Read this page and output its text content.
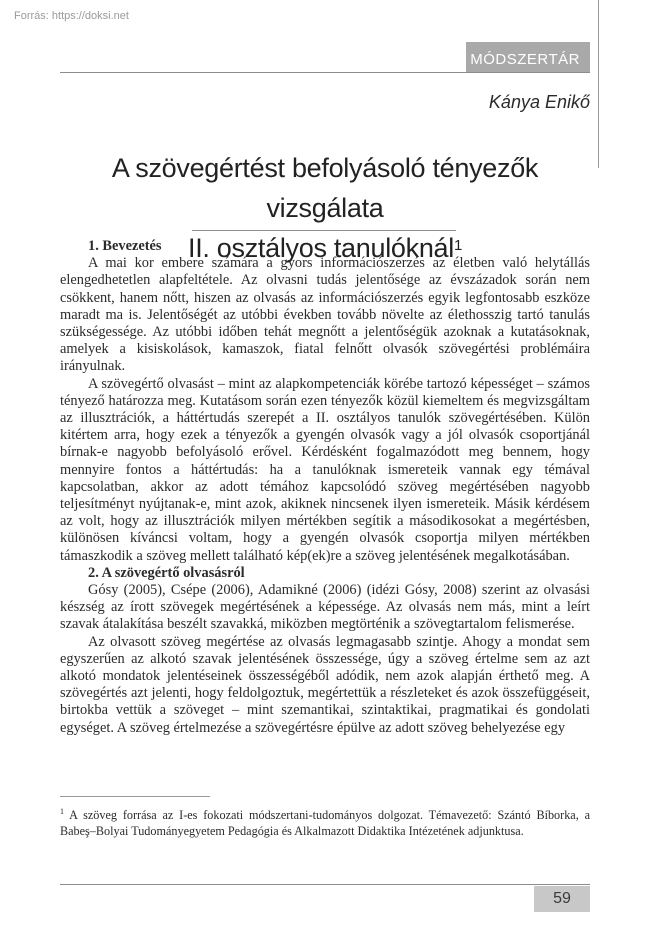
Forrás: https://doksi.net
MÓDSZERTÁR
Kánya Enikő
A szövegértést befolyásoló tényezők vizsgálata
II. osztályos tanulóknál$^1$
1. Bevezetés

A mai kor embere számára a gyors információszerzés az életben való helytállás elengedhetetlen alapfeltétele. Az olvasni tudás jelentősége az évszázadok során nem csökkent, hanem nőtt, hiszen az olvasás az információszerzés egyik legfontosabb eszköze maradt ma is. Jelentőségét az utóbbi években tovább növelte az élethosszig tartó tanulás szükségessége. Az utóbbi időben tehát megnőtt a jelentőségük azoknak a kutatásoknak, amelyek a kisiskolások, kamaszok, fiatal felnőtt olvasók szövegértési problémáira irányulnak.

A szövegértő olvasást – mint az alapkompetenciák körébe tartozó képességet – számos tényező határozza meg. Kutatásom során ezen tényezők közül kiemeltem és megvizsgáltam az illusztrációk, a háttértudás szerepét a II. osztályos tanulók szövegértésében. Külön kitértem arra, hogy ezek a tényezők a gyengén olvasók vagy a jól olvasók csoportjánál bírnak-e nagyobb befolyásoló erővel. Kérdésként fogalmazódott meg bennem, hogy mennyire fontos a háttértudás: ha a tanulóknak ismereteik vannak egy témával kapcsolatban, akkor az adott témához kapcsolódó szöveg megértésében nagyobb teljesítményt nyújtanak-e, mint azok, akiknek nincsenek ilyen ismereteik. Másik kérdésem az volt, hogy az illusztrációk milyen mértékben segítik a másodikosokat a megértésben, különösen kíváncsi voltam, hogy a gyengén olvasók csoportja milyen mértékben támaszkodik a szöveg mellett található kép(ek)re a szöveg jelentésének megalkotásában.

2. A szövegértő olvasásról

Gósy (2005), Csépe (2006), Adamikné (2006) (idézi Gósy, 2008) szerint az olvasási készség az írott szövegek megértésének a képessége. Az olvasás nem más, mint a leírt szavak átalakítása beszélt szavakká, miközben megtörténik a szövegtartalom felismerése.

Az olvasott szöveg megértése az olvasás legmagasabb szintje. Ahogy a mondat sem egyszerűen az alkotó szavak jelentésének összessége, úgy a szöveg értelme sem az azt alkotó mondatok jelentéseinek összességéből adódik, nem azok alapján érthető meg. A szövegértés azt jelenti, hogy feldolgoztuk, megértettük a részleteket és azok összefüggéseit, birtokba vettük a szöveget – mint szemantikai, szintaktikai, pragmatikai és gondolati egységet. A szöveg értelmezése a szövegértésre épülve az adott szöveg behelyezése egy

$^1$ A szöveg forrása az I-es fokozati módszertani-tudományos dolgozat. Témavezető: Szántó Bíborka, a Babeş–Bolyai Tudományegyetem Pedagógia és Alkalmazott Didaktika Intézetének adjunktusa.
59
